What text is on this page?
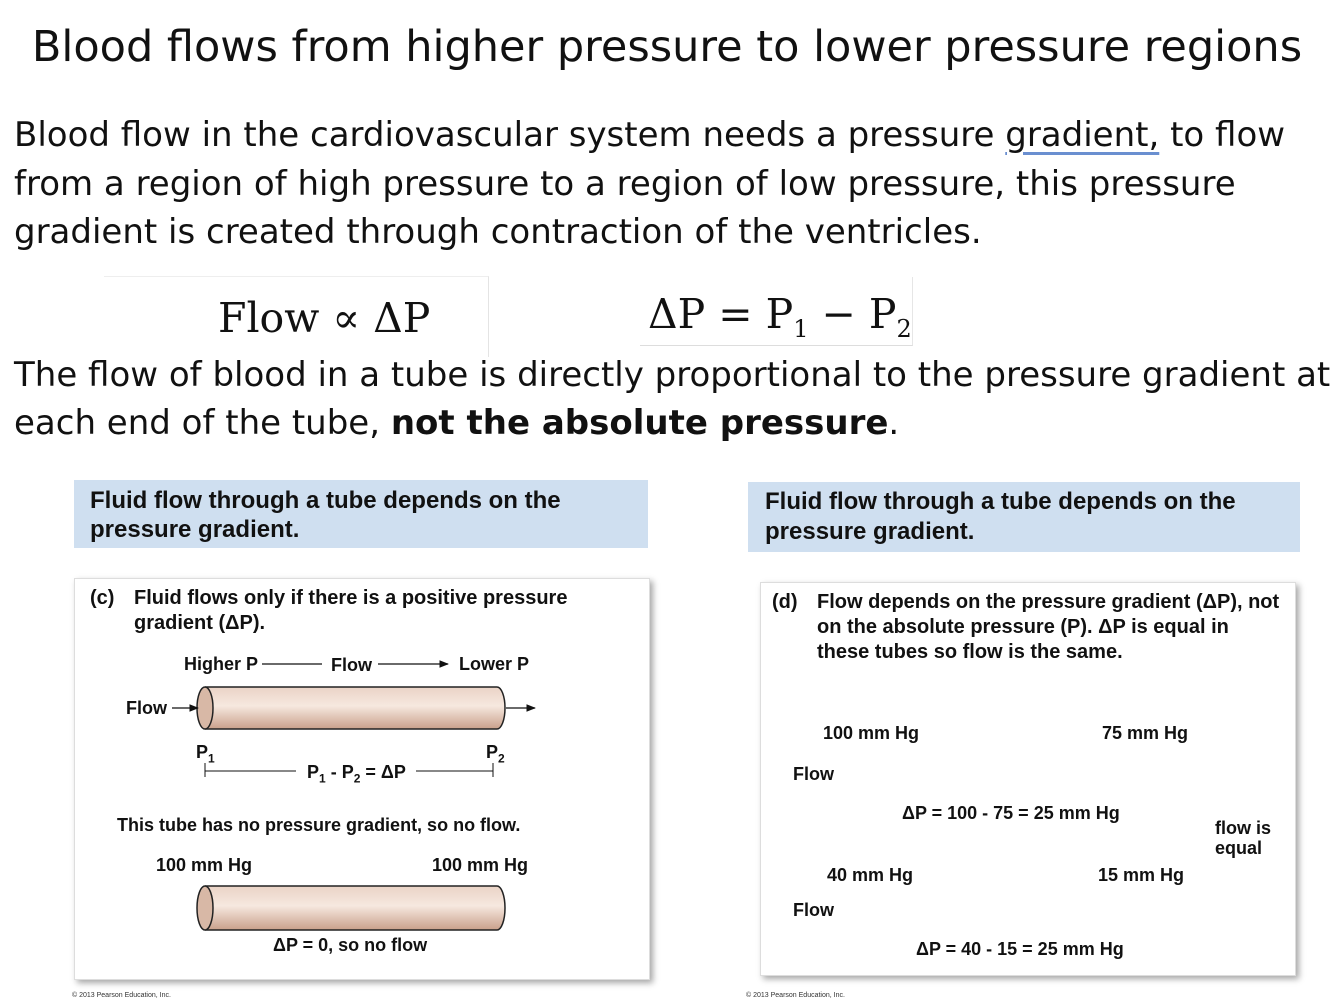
Blood flows from higher pressure to lower pressure regions
Blood flow in the cardiovascular system needs a pressure gradient, to flow
from a region of high pressure to a region of low pressure, this pressure
gradient is created through contraction of the ventricles.
Flow ∝ ΔP	$\Delta P = P_1 - P_2$
The flow of blood in a tube is directly proportional to the pressure gradient at
each end of the tube, not the absolute pressure.
Fluid flow through a tube depends on the pressure gradient.
(c) Fluid flows only if there is a positive pressure gradient (ΔP).
Higher P	Flow	Lower P
Flow
$P_1$	$P_2$
$P_1 - P_2 = \Delta P$
This tube has no pressure gradient, so no flow.
100 mm Hg	100 mm Hg
ΔP = 0, so no flow
© 2013 Pearson Education, Inc.
Fluid flow through a tube depends on the pressure gradient.
(d) Flow depends on the pressure gradient (ΔP), not on the absolute pressure (P). ΔP is equal in these tubes so flow is the same.
100 mm Hg	75 mm Hg
Flow
ΔP = 100 - 75 = 25 mm Hg
flow is
equal
40 mm Hg	15 mm Hg
Flow
ΔP = 40 - 15 = 25 mm Hg
© 2013 Pearson Education, Inc.
